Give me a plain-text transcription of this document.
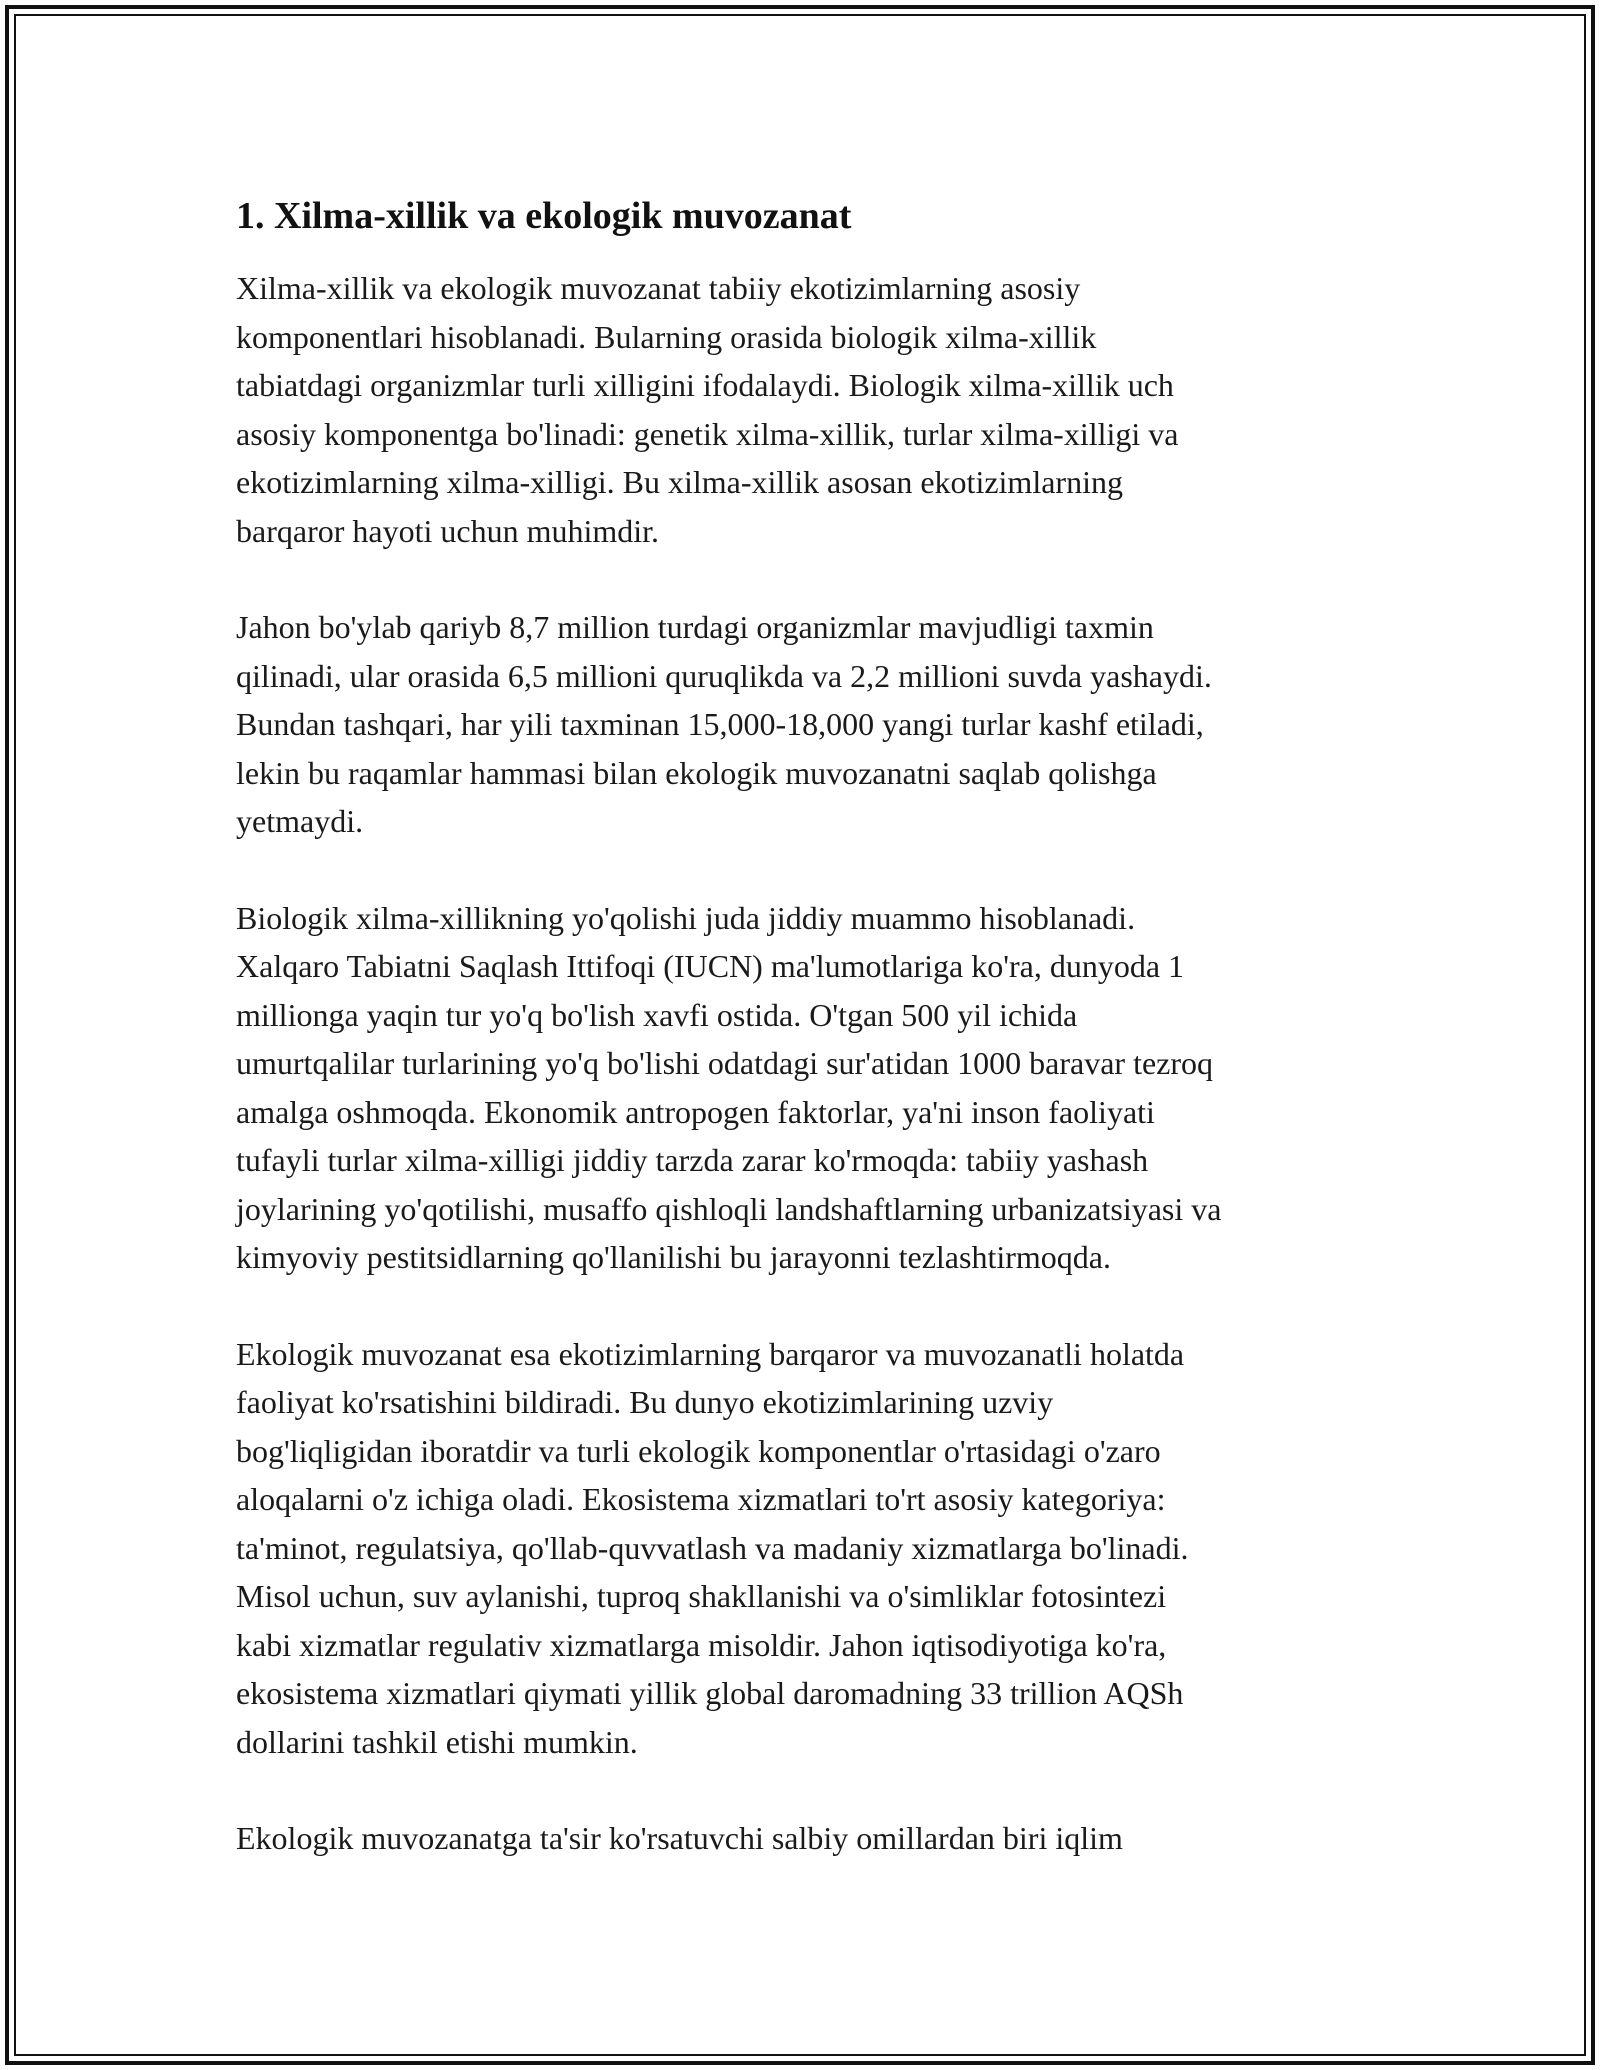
1. Xilma-xillik va ekologik muvozanat

Xilma-xillik va ekologik muvozanat tabiiy ekotizimlarning asosiy
komponentlari hisoblanadi. Bularning orasida biologik xilma-xillik
tabiatdagi organizmlar turli xilligini ifodalaydi. Biologik xilma-xillik uch
asosiy komponentga bo'linadi: genetik xilma-xillik, turlar xilma-xilligi va
ekotizimlarning xilma-xilligi. Bu xilma-xillik asosan ekotizimlarning
barqaror hayoti uchun muhimdir.

Jahon bo'ylab qariyb 8,7 million turdagi organizmlar mavjudligi taxmin
qilinadi, ular orasida 6,5 millioni quruqlikda va 2,2 millioni suvda yashaydi.
Bundan tashqari, har yili taxminan 15,000-18,000 yangi turlar kashf etiladi,
lekin bu raqamlar hammasi bilan ekologik muvozanatni saqlab qolishga
yetmaydi.

Biologik xilma-xillikning yo'qolishi juda jiddiy muammo hisoblanadi.
Xalqaro Tabiatni Saqlash Ittifoqi (IUCN) ma'lumotlariga ko'ra, dunyoda 1
millionga yaqin tur yo'q bo'lish xavfi ostida. O'tgan 500 yil ichida
umurtqalilar turlarining yo'q bo'lishi odatdagi sur'atidan 1000 baravar tezroq
amalga oshmoqda. Ekonomik antropogen faktorlar, ya'ni inson faoliyati
tufayli turlar xilma-xilligi jiddiy tarzda zarar ko'rmoqda: tabiiy yashash
joylarining yo'qotilishi, musaffo qishloqli landshaftlarning urbanizatsiyasi va
kimyoviy pestitsidlarning qo'llanilishi bu jarayonni tezlashtirmoqda.

Ekologik muvozanat esa ekotizimlarning barqaror va muvozanatli holatda
faoliyat ko'rsatishini bildiradi. Bu dunyo ekotizimlarining uzviy
bog'liqligidan iboratdir va turli ekologik komponentlar o'rtasidagi o'zaro
aloqalarni o'z ichiga oladi. Ekosistema xizmatlari to'rt asosiy kategoriya:
ta'minot, regulatsiya, qo'llab-quvvatlash va madaniy xizmatlarga bo'linadi.
Misol uchun, suv aylanishi, tuproq shakllanishi va o'simliklar fotosintezi
kabi xizmatlar regulativ xizmatlarga misoldir. Jahon iqtisodiyotiga ko'ra,
ekosistema xizmatlari qiymati yillik global daromadning 33 trillion AQSh
dollarini tashkil etishi mumkin.

Ekologik muvozanatga ta'sir ko'rsatuvchi salbiy omillardan biri iqlim
